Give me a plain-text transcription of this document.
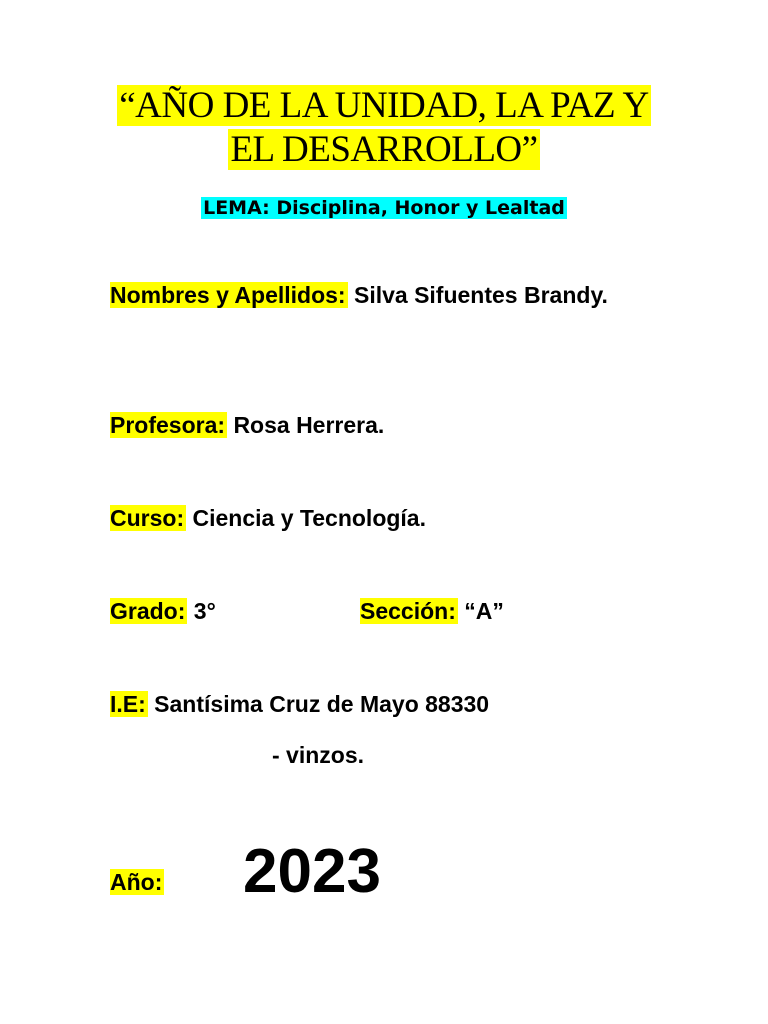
“AÑO DE LA UNIDAD, LA PAZ Y
EL DESARROLLO”
LEMA: Disciplina, Honor y Lealtad
Nombres y Apellidos: Silva Sifuentes Brandy.
Profesora: Rosa Herrera.
Curso: Ciencia y Tecnología.
Grado: 3°	Sección: “A”
I.E: Santísima Cruz de Mayo 88330
- vinzos.
Año: 2023
